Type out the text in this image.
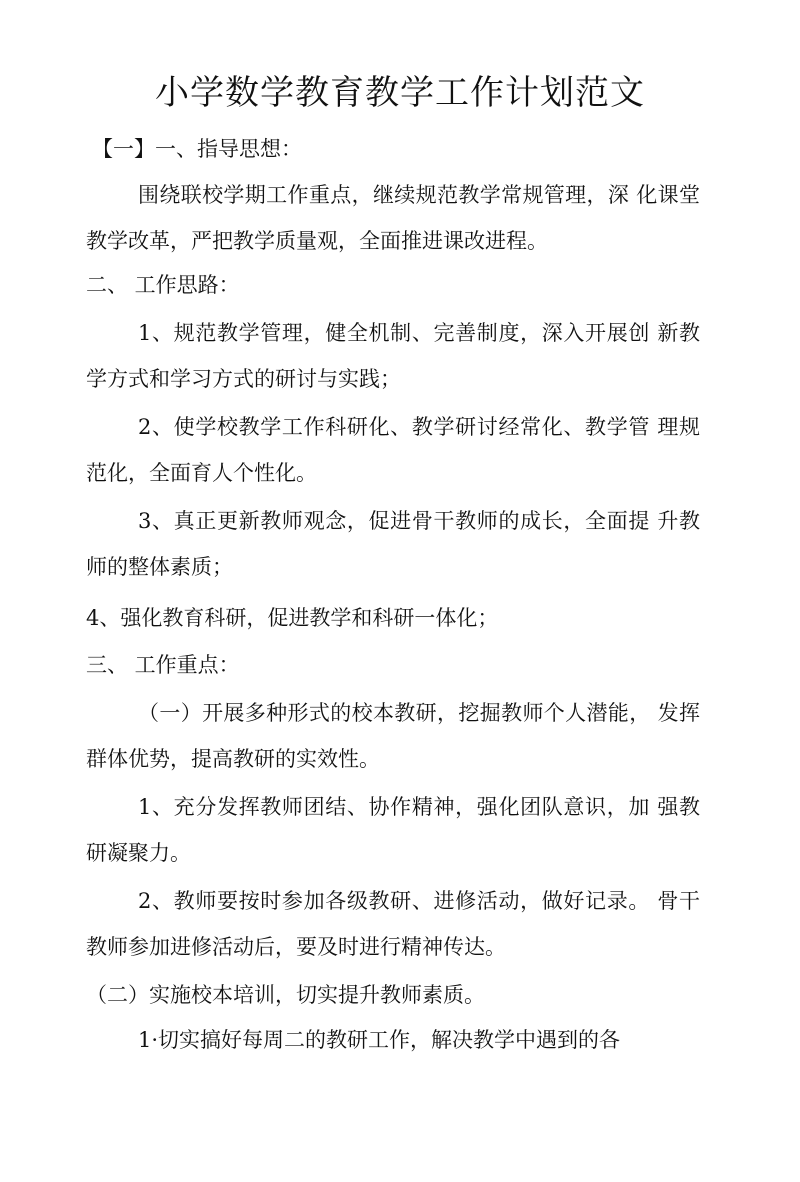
小学数学教育教学工作计划范文
【一】一、指导思想：
围绕联校学期工作重点，继续规范教学常规管理，深 化课堂教学改革，严把教学质量观，全面推进课改进程。
二、 工作思路：
1、规范教学管理，健全机制、完善制度，深入开展创 新教学方式和学习方式的研讨与实践；
2、使学校教学工作科研化、教学研讨经常化、教学管 理规范化，全面育人个性化。
3、真正更新教师观念，促进骨干教师的成长，全面提 升教师的整体素质；
4、强化教育科研，促进教学和科研一体化；
三、 工作重点：
（一）开展多种形式的校本教研，挖掘教师个人潜能， 发挥群体优势，提高教研的实效性。
1、充分发挥教师团结、协作精神，强化团队意识，加 强教研凝聚力。
2、教师要按时参加各级教研、进修活动，做好记录。 骨干教师参加进修活动后，要及时进行精神传达。
（二）实施校本培训，切实提升教师素质。
1·切实搞好每周二的教研工作，解决教学中遇到的各
